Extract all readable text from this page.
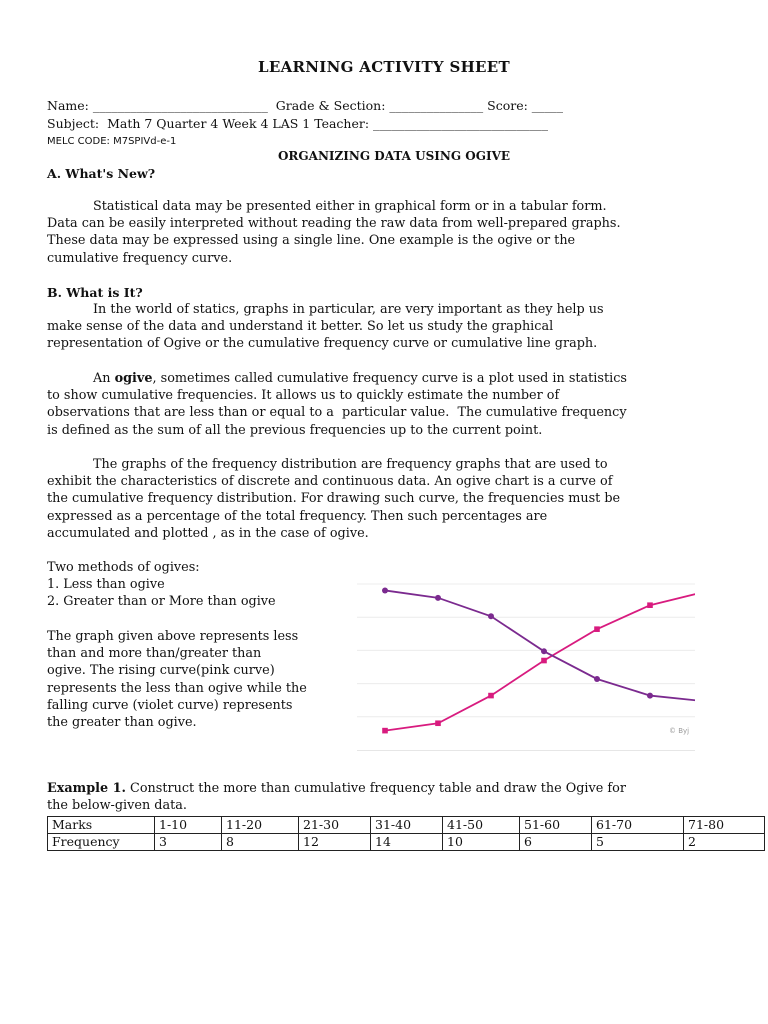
LEARNING ACTIVITY SHEET
Name: ____________________________  Grade & Section: _______________ Score: _____
Subject:  Math 7 Quarter 4 Week 4 LAS 1 Teacher: ____________________________
MELC CODE: M7SPIVd-e-1
ORGANIZING DATA USING OGIVE
A. What's New?
Statistical data may be presented either in graphical form or in a tabular form.
Data can be easily interpreted without reading the raw data from well-prepared graphs.
These data may be expressed using a single line. One example is the ogive or the
cumulative frequency curve.
B. What is It?
In the world of statics, graphs in particular, are very important as they help us
make sense of the data and understand it better. So let us study the graphical
representation of Ogive or the cumulative frequency curve or cumulative line graph.
An ogive, sometimes called cumulative frequency curve is a plot used in statistics
to show cumulative frequencies. It allows us to quickly estimate the number of
observations that are less than or equal to a  particular value.  The cumulative frequency
is defined as the sum of all the previous frequencies up to the current point.
The graphs of the frequency distribution are frequency graphs that are used to
exhibit the characteristics of discrete and continuous data. An ogive chart is a curve of
the cumulative frequency distribution. For drawing such curve, the frequencies must be
expressed as a percentage of the total frequency. Then such percentages are
accumulated and plotted , as in the case of ogive.
Two methods of ogives:
1. Less than ogive
2. Greater than or More than ogive
The graph given above represents less
than and more than/greater than
ogive. The rising curve(pink curve)
represents the less than ogive while the
falling curve (violet curve) represents
the greater than ogive.
© Byj
Example 1. Construct the more than cumulative frequency table and draw the Ogive for
the below-given data.
Marks	1-10	11-20	21-30	31-40	41-50	51-60	61-70	71-80
Frequency	3	8	12	14	10	6	5	2
